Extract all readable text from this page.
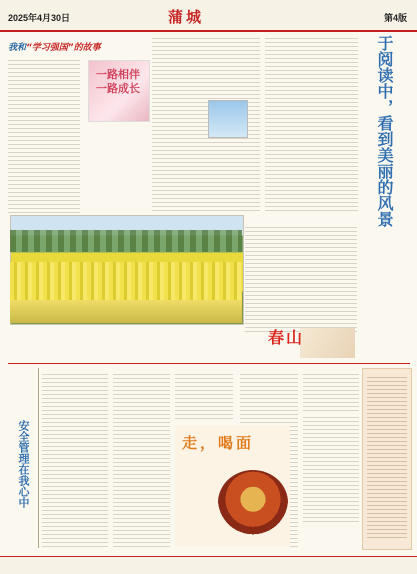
2025年4月30日	蒲城	第4版
我和“学习强国”的故事
一路相伴
一路成长	于阅读中，看到美丽的风景
春山
安全管理在我心中	走，喝面
